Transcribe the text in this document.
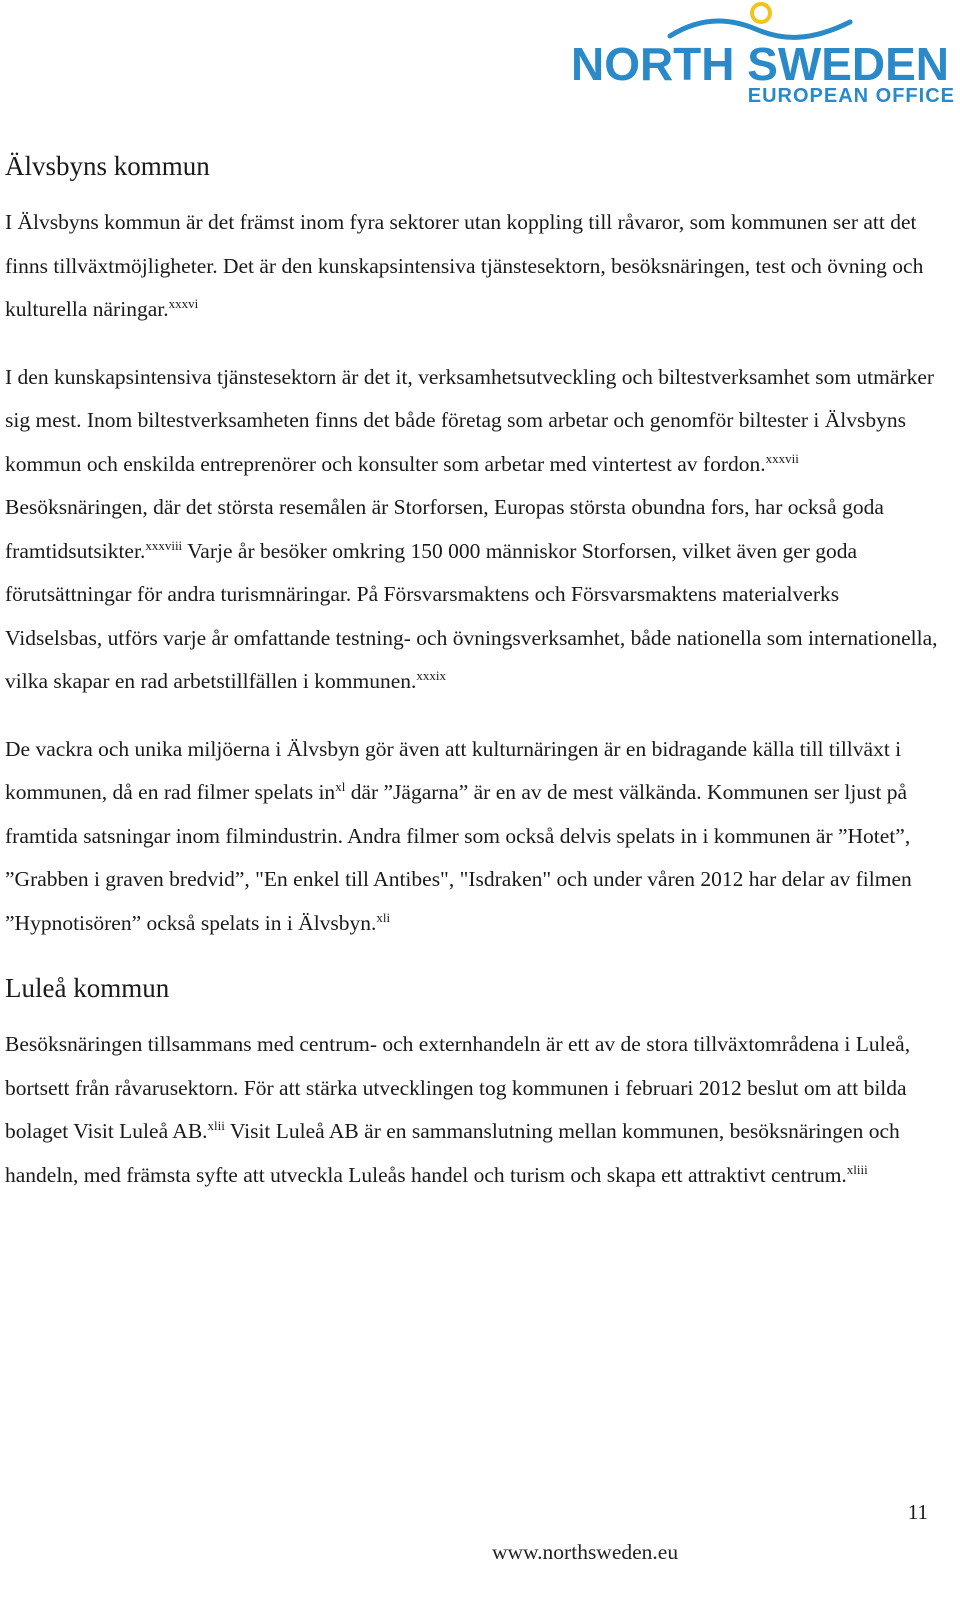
NORTH SWEDEN
EUROPEAN OFFICE
Älvsbyns kommun

I Älvsbyns kommun är det främst inom fyra sektorer utan koppling till råvaror, som kommunen ser att det finns tillväxtmöjligheter. Det är den kunskapsintensiva tjänstesektorn, besöksnäringen, test och övning och kulturella näringar.$^{xxxvi}$

I den kunskapsintensiva tjänstesektorn är det it, verksamhetsutveckling och biltestverksamhet som utmärker sig mest. Inom biltestverksamheten finns det både företag som arbetar och genomför biltester i Älvsbyns kommun och enskilda entreprenörer och konsulter som arbetar med vintertest av fordon.$^{xxxvii}$ Besöksnäringen, där det största resemålen är Storforsen, Europas största obundna fors, har också goda framtidsutsikter.$^{xxxviii}$ Varje år besöker omkring 150 000 människor Storforsen, vilket även ger goda förutsättningar för andra turismnäringar. På Försvarsmaktens och Försvarsmaktens materialverks Vidselsbas, utförs varje år omfattande testning- och övningsverksamhet, både nationella som internationella, vilka skapar en rad arbetstillfällen i kommunen.$^{xxxix}$

De vackra och unika miljöerna i Älvsbyn gör även att kulturnäringen är en bidragande källa till tillväxt i kommunen, då en rad filmer spelats $in^{xl}$ där ”Jägarna” är en av de mest välkända. Kommunen ser ljust på framtida satsningar inom filmindustrin. Andra filmer som också delvis spelats in i kommunen är ”Hotet”, ”Grabben i graven bredvid”, "En enkel till Antibes", "Isdraken" och under våren 2012 har delar av filmen ”Hypnotisören” också spelats in i Älvsbyn.$^{xli}$

Luleå kommun

Besöksnäringen tillsammans med centrum- och externhandeln är ett av de stora tillväxtområdena i Luleå, bortsett från råvarusektorn. För att stärka utvecklingen tog kommunen i februari 2012 beslut om att bilda bolaget Visit Luleå AB.$^{xlii}$ Visit Luleå AB är en sammanslutning mellan kommunen, besöksnäringen och handeln, med främsta syfte att utveckla Luleås handel och turism och skapa ett attraktivt centrum.$^{xliii}$

11
www.northsweden.eu
